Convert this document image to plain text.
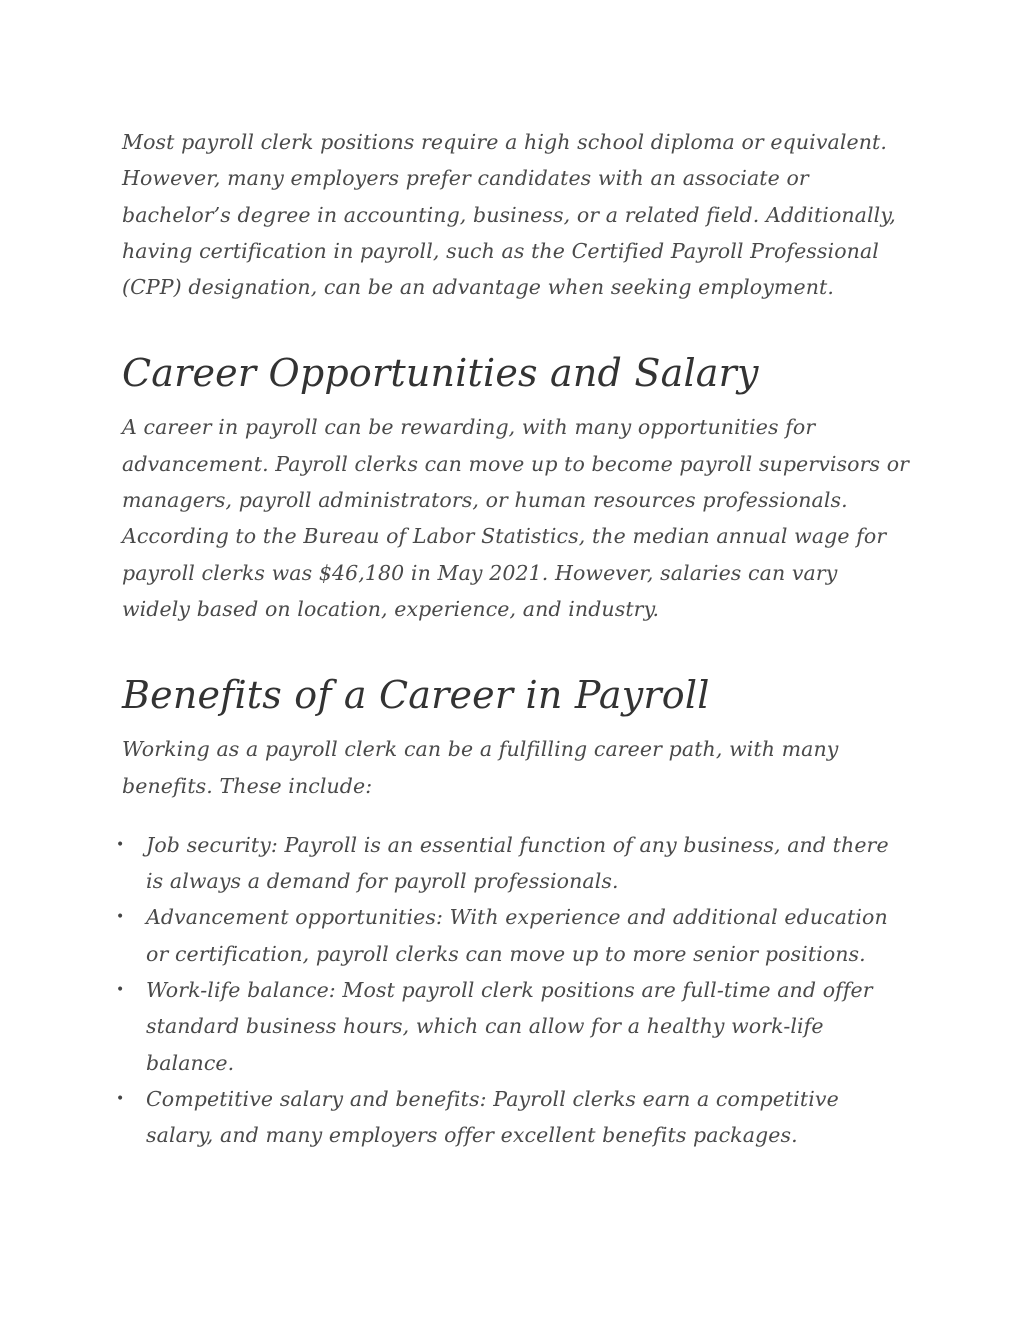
Most payroll clerk positions require a high school diploma or equivalent. However, many employers prefer candidates with an associate or bachelor’s degree in accounting, business, or a related field. Additionally, having certification in payroll, such as the Certified Payroll Professional (CPP) designation, can be an advantage when seeking employment.

Career Opportunities and Salary

A career in payroll can be rewarding, with many opportunities for advancement. Payroll clerks can move up to become payroll supervisors or managers, payroll administrators, or human resources professionals. According to the Bureau of Labor Statistics, the median annual wage for payroll clerks was $46,180 in May 2021. However, salaries can vary widely based on location, experience, and industry.

Benefits of a Career in Payroll

Working as a payroll clerk can be a fulfilling career path, with many benefits. These include:

• Job security: Payroll is an essential function of any business, and there is always a demand for payroll professionals.
• Advancement opportunities: With experience and additional education or certification, payroll clerks can move up to more senior positions.
• Work-life balance: Most payroll clerk positions are full-time and offer standard business hours, which can allow for a healthy work-life balance.
• Competitive salary and benefits: Payroll clerks earn a competitive salary, and many employers offer excellent benefits packages.
